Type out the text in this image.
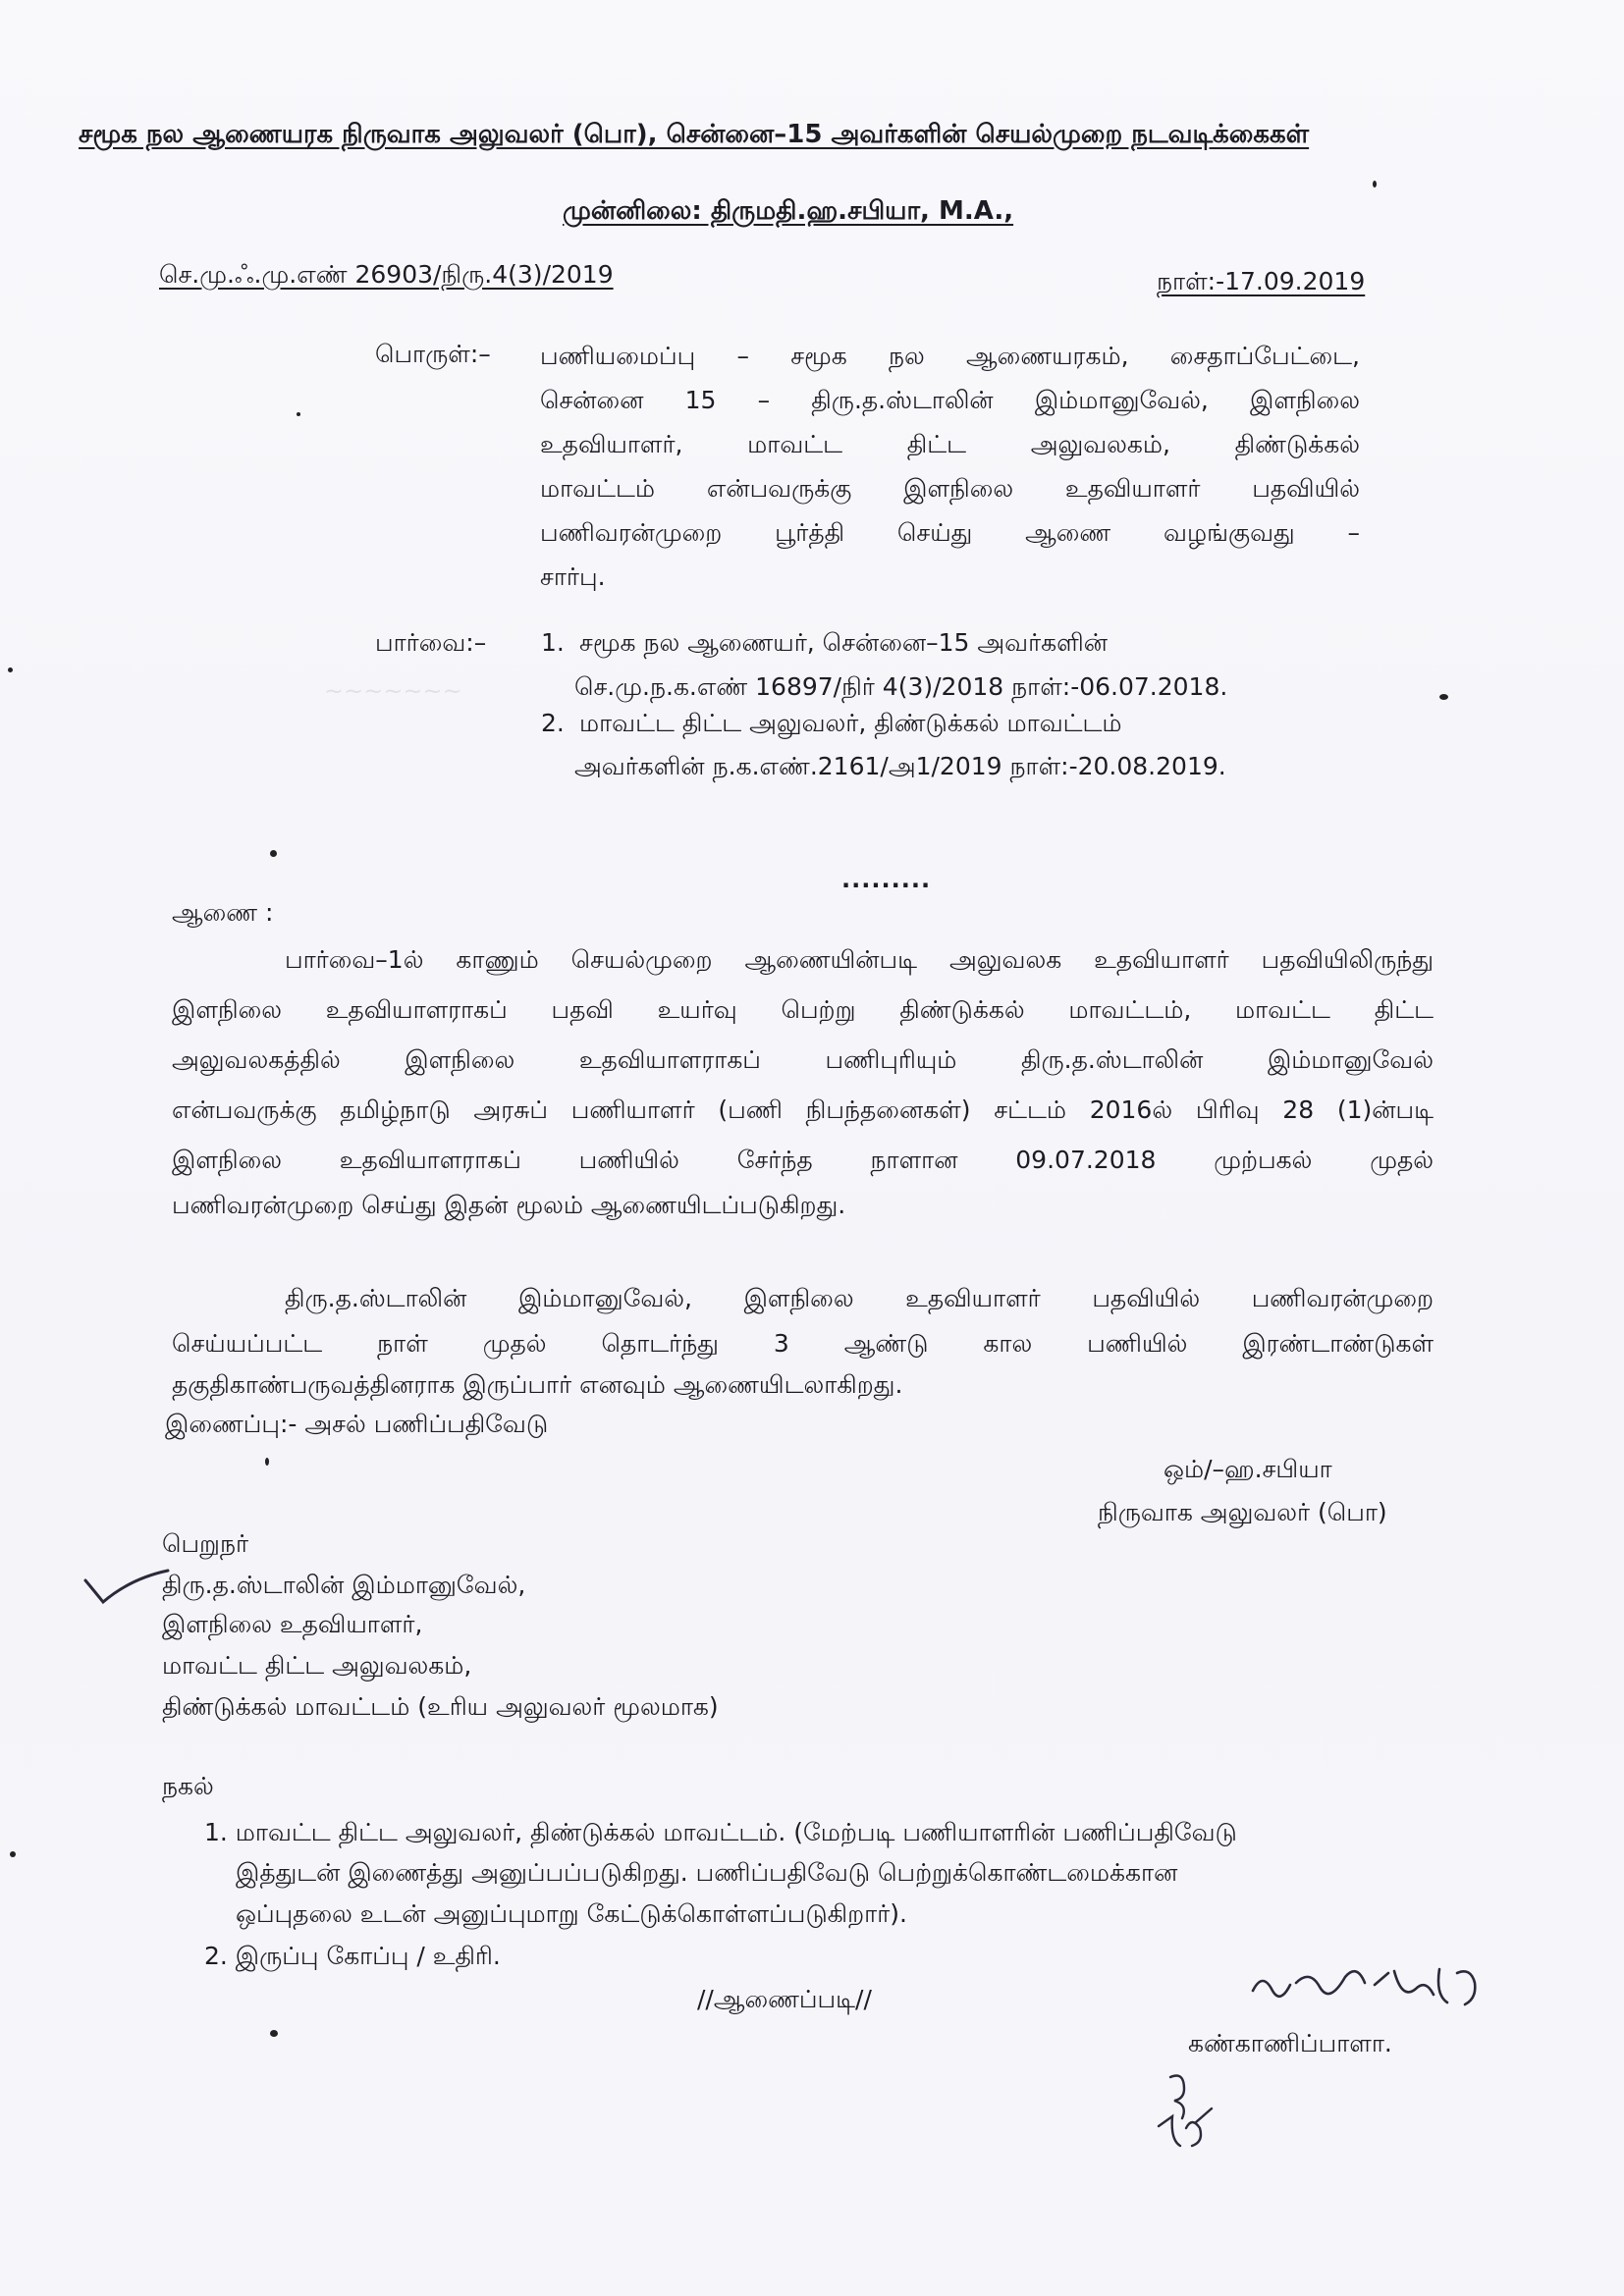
~~~~~~~
சமூக நல ஆணையரக நிருவாக அலுவலர் (பொ), சென்னை–15 அவர்களின் செயல்முறை நடவடிக்கைகள்
முன்னிலை: திருமதி.ஹ.சபியா, M.A.,
செ.மு.ஃ.மு.எண் 26903/நிரு.4(3)/2019	நாள்:-17.09.2019
பொருள்:– பணியமைப்பு – சமூக நல ஆணையரகம், சைதாப்பேட்டை,
சென்னை 15 – திரு.த.ஸ்டாலின் இம்மானுவேல், இளநிலை
உதவியாளர், மாவட்ட திட்ட அலுவலகம், திண்டுக்கல்
மாவட்டம் என்பவருக்கு இளநிலை உதவியாளர் பதவியில்
பணிவரன்முறை பூர்த்தி செய்து ஆணை வழங்குவது –
சார்பு.
பார்வை:– 1. சமூக நல ஆணையர், சென்னை–15 அவர்களின்
செ.மு.ந.க.எண் 16897/நிர் 4(3)/2018 நாள்:-06.07.2018.
2. மாவட்ட திட்ட அலுவலர், திண்டுக்கல் மாவட்டம்
அவர்களின் ந.க.எண்.2161/அ1/2019 நாள்:-20.08.2019.
.........
ஆணை :
பார்வை–1ல் காணும் செயல்முறை ஆணையின்படி அலுவலக உதவியாளர் பதவியிலிருந்து
இளநிலை உதவியாளராகப் பதவி உயர்வு பெற்று திண்டுக்கல் மாவட்டம், மாவட்ட திட்ட
அலுவலகத்தில் இளநிலை உதவியாளராகப் பணிபுரியும் திரு.த.ஸ்டாலின் இம்மானுவேல்
என்பவருக்கு தமிழ்நாடு அரசுப் பணியாளர் (பணி நிபந்தனைகள்) சட்டம் 2016ல் பிரிவு 28 (1)ன்படி
இளநிலை உதவியாளராகப் பணியில் சேர்ந்த நாளான 09.07.2018 முற்பகல் முதல்
பணிவரன்முறை செய்து இதன் மூலம் ஆணையிடப்படுகிறது.
திரு.த.ஸ்டாலின் இம்மானுவேல், இளநிலை உதவியாளர் பதவியில் பணிவரன்முறை
செய்யப்பட்ட நாள் முதல் தொடர்ந்து 3 ஆண்டு கால பணியில் இரண்டாண்டுகள்
தகுதிகாண்பருவத்தினராக இருப்பார் எனவும் ஆணையிடலாகிறது.
இணைப்பு:- அசல் பணிப்பதிவேடு
ஒம்/–ஹ.சபியா
நிருவாக அலுவலர் (பொ)
பெறுநர்
திரு.த.ஸ்டாலின் இம்மானுவேல்,
இளநிலை உதவியாளர்,
மாவட்ட திட்ட அலுவலகம்,
திண்டுக்கல் மாவட்டம் (உரிய அலுவலர் மூலமாக)
நகல்
1. மாவட்ட திட்ட அலுவலர், திண்டுக்கல் மாவட்டம். (மேற்படி பணியாளரின் பணிப்பதிவேடு
இத்துடன் இணைத்து அனுப்பப்படுகிறது. பணிப்பதிவேடு பெற்றுக்கொண்டமைக்கான
ஒப்புதலை உடன் அனுப்புமாறு கேட்டுக்கொள்ளப்படுகிறார்).
2. இருப்பு கோப்பு / உதிரி.
//ஆணைப்படி//
கண்காணிப்பாளா.
